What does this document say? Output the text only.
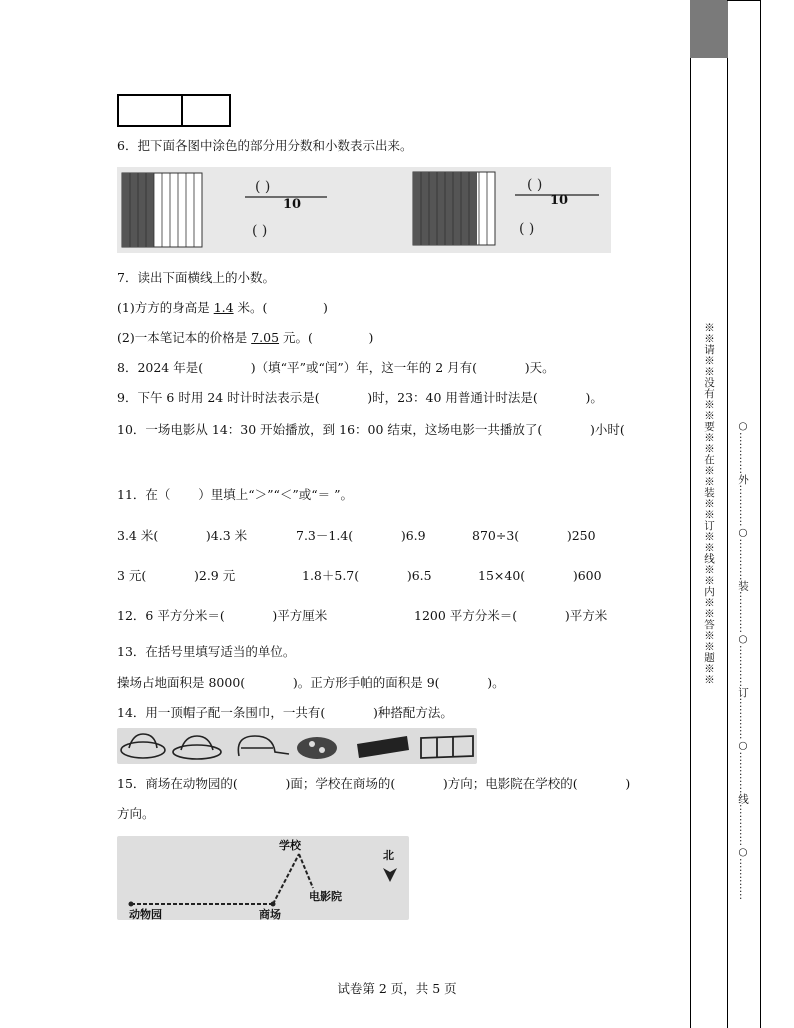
6．把下面各图中涂色的部分用分数和小数表示出来。
( )
( )
( )
( )
10	10
7．读出下面横线上的小数。
(1)方方的身高是 1.4 米。(              )
(2)一本笔记本的价格是 7.05 元。(              )
8．2024 年是(            )（填“平”或“闰”）年，这一年的 2 月有(            )天。
9．下午 6 时用 24 时计时法表示是(            )时，23：40 用普通计时法是(            )。
10．一场电影从 14：30 开始播放，到 16：00 结束，这场电影一共播放了(            )小时(
11．在（       ）里填上“＞”“＜”或“＝ ”。
3.4 米(            )4.3 米	7.3－1.4(            )6.9	870÷3(            )250
3 元(            )2.9 元	1.8＋5.7(            )6.5	15×40(            )600
12．6 平方分米＝(            )平方厘米	1200 平方分米＝(            )平方米
13．在括号里填写适当的单位。
操场占地面积是 8000(            )。正方形手帕的面积是 9(            )。
14．用一顶帽子配一条围巾，一共有(            )种搭配方法。
15．商场在动物园的(            )面；学校在商场的(            )方向；电影院在学校的(            )
方向。
动物园	商场
学校
电影院
北
※※请※※没有※※要※※在※※装※※订※※线※※内※※答※※题※※ ○…………外…………○…………装…………○…………订…………○…………线…………○…………
试卷第 2 页，共 5 页
